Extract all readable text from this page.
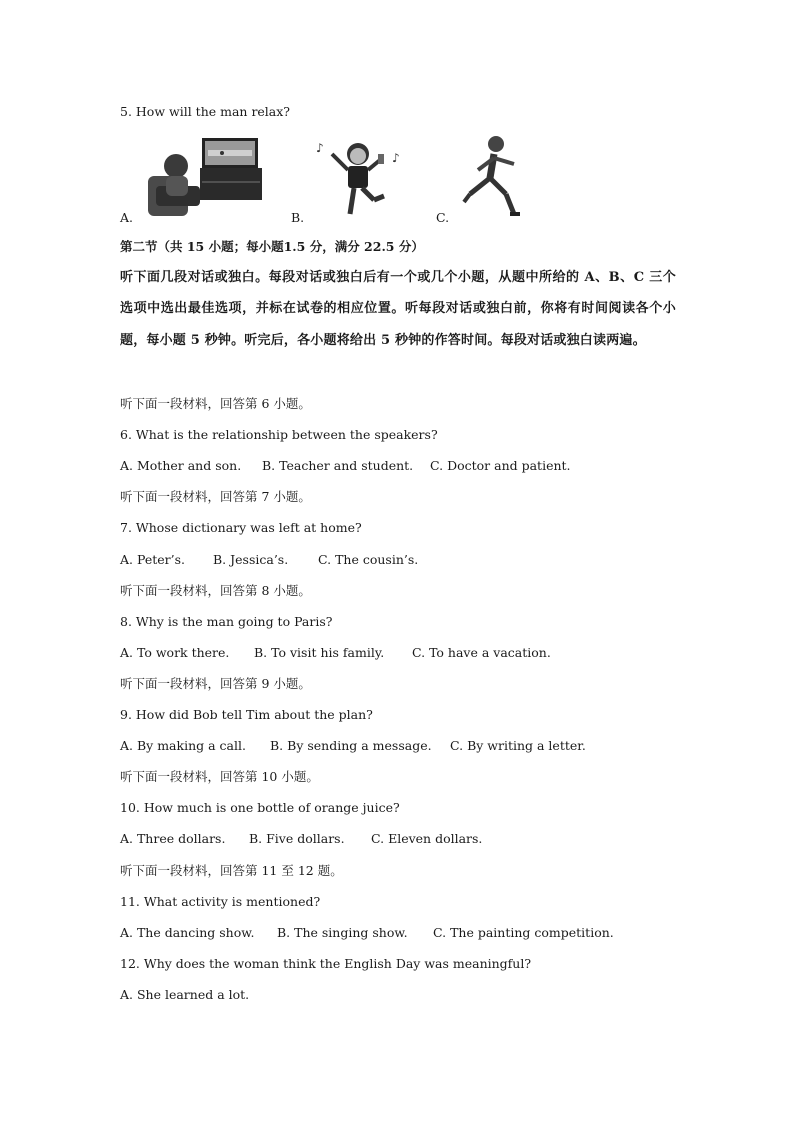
5. How will the man relax?
A.
♪
♪
B.	C.
第二节（共 15 小题；每小题1.5 分，满分 22.5 分）
听下面几段对话或独白。每段对话或独白后有一个或几个小题，从题中所给的 A、B、C 三个选项中选出最佳选项，并标在试卷的相应位置。听每段对话或独白前，你将有时间阅读各个小题，每小题 5 秒钟。听完后，各小题将给出 5 秒钟的作答时间。每段对话或独白读两遍。
听下面一段材料，回答第 6 小题。
6. What is the relationship between the speakers?
A. Mother and son. B. Teacher and student. C. Doctor and patient.
听下面一段材料，回答第 7 小题。
7. Whose dictionary was left at home?
A. Peter’s. B. Jessica’s. C. The cousin’s.
听下面一段材料，回答第 8 小题。
8. Why is the man going to Paris?
A. To work there. B. To visit his family. C. To have a vacation.
听下面一段材料，回答第 9 小题。
9. How did Bob tell Tim about the plan?
A. By making a call. B. By sending a message. C. By writing a letter.
听下面一段材料，回答第 10 小题。
10. How much is one bottle of orange juice?
A. Three dollars. B. Five dollars. C. Eleven dollars.
听下面一段材料，回答第 11 至 12 题。
11. What activity is mentioned?
A. The dancing show. B. The singing show. C. The painting competition.
12. Why does the woman think the English Day was meaningful?
A. She learned a lot.
